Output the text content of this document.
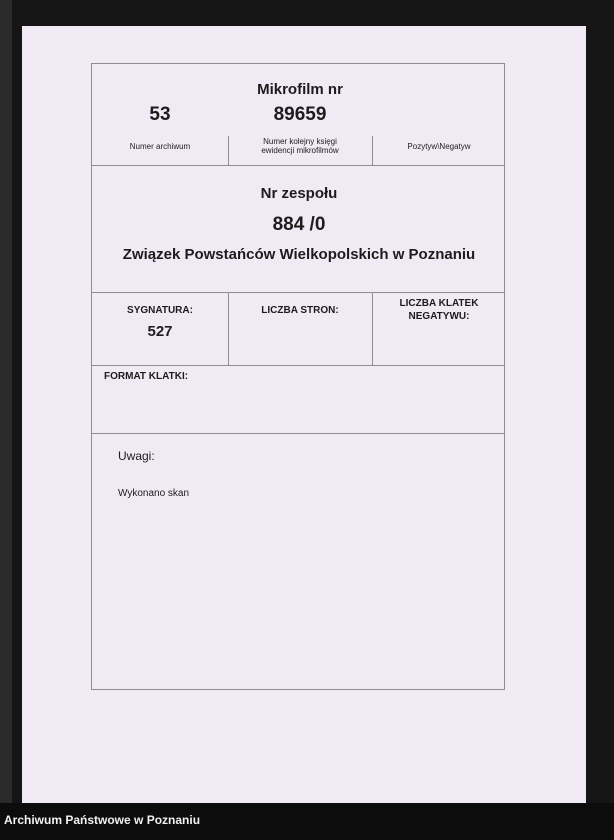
Mikrofilm nr
53	89659
Numer archiwum
Numer kolejny księgi
ewidencji mikrofilmów	Pozytyw\Negatyw
Nr zespołu
884 /0
Związek Powstańców Wielkopolskich w Poznaniu
SYGNATURA:
527
LICZBA STRON:
LICZBA KLATEK
NEGATYWU:
FORMAT KLATKI:
Uwagi:
Wykonano skan
Archiwum Państwowe w Poznaniu
